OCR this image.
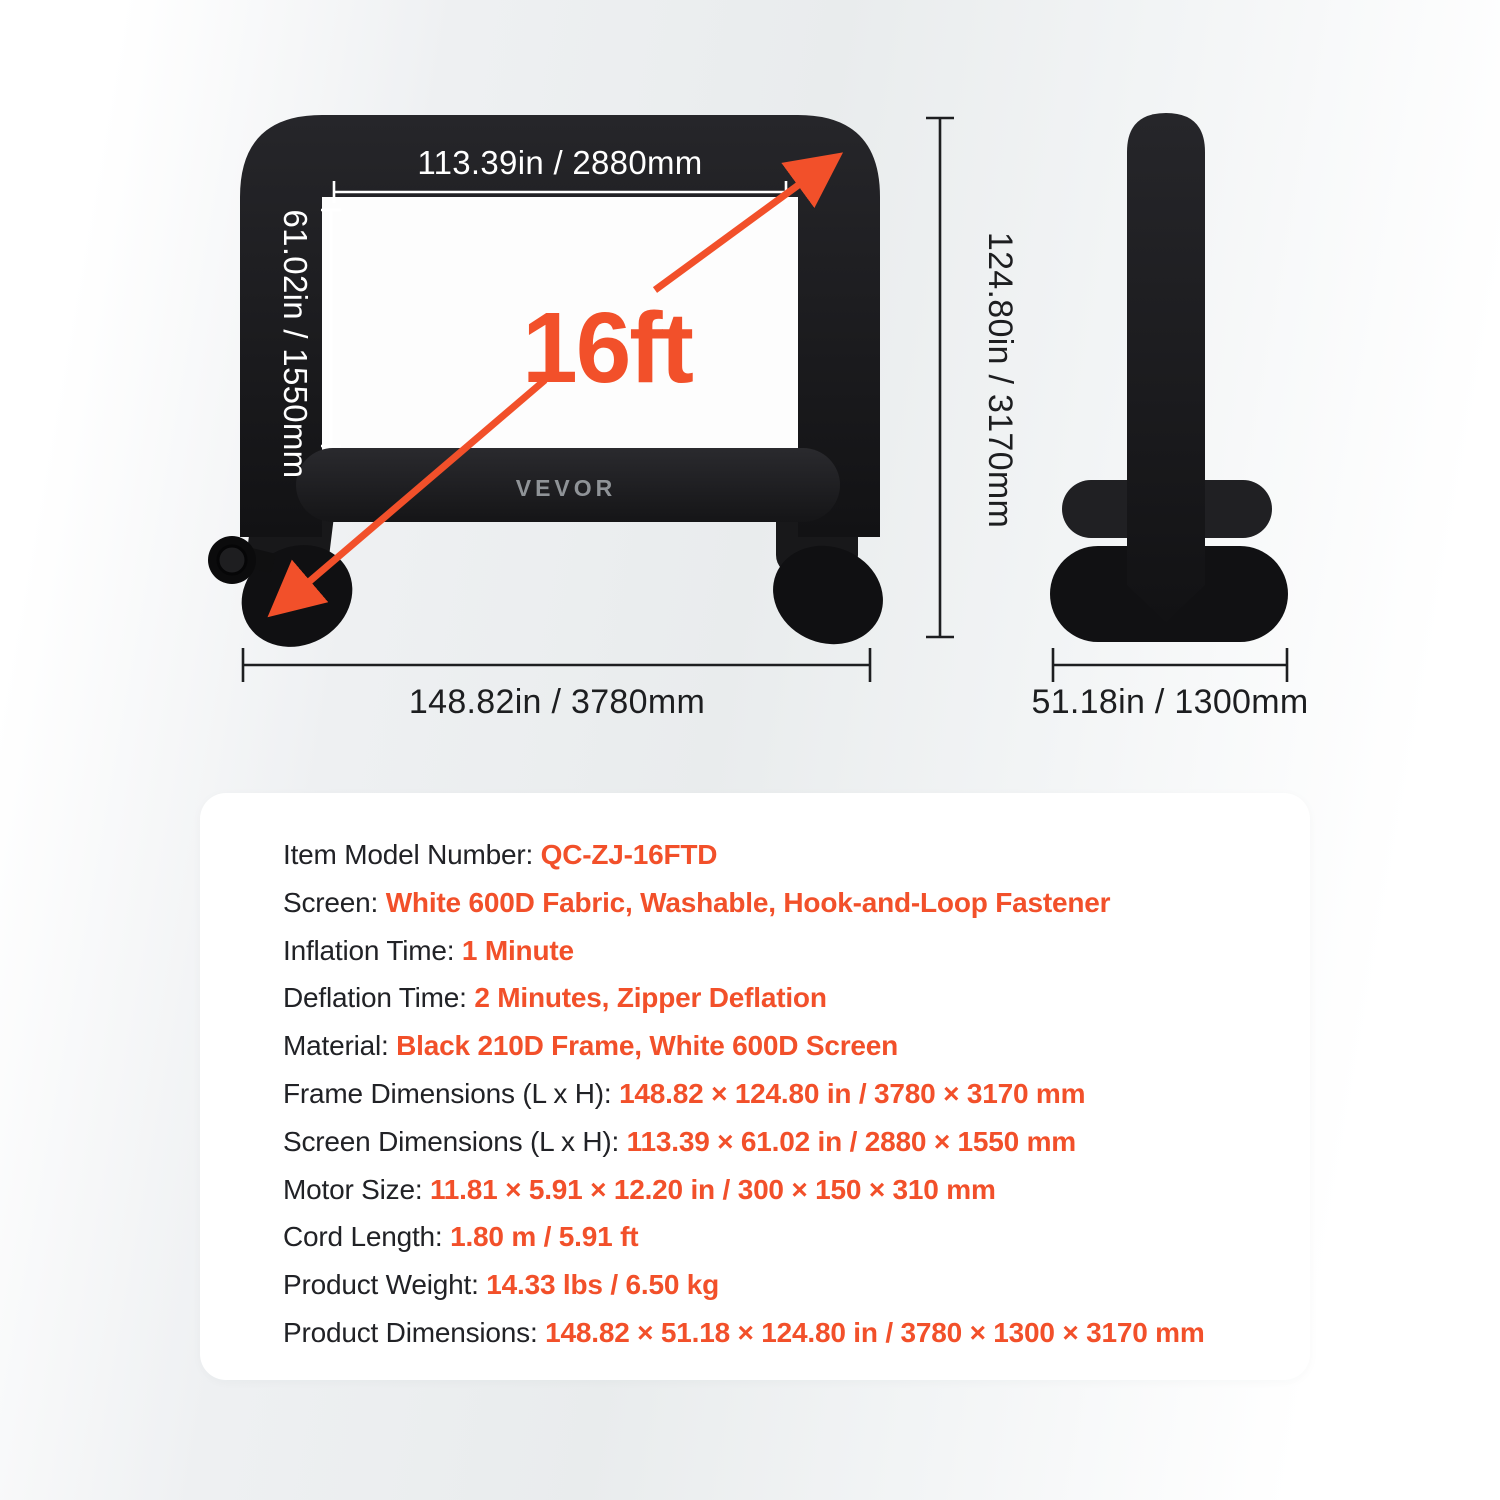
VEVOR
113.39in / 2880mm
61.02in / 1550mm 16ft
148.82in / 3780mm
124.80in / 3170mm
51.18in / 1300mm
Item Model Number: QC-ZJ-16FTD
Screen: White 600D Fabric, Washable, Hook-and-Loop Fastener
Inflation Time: 1 Minute
Deflation Time: 2 Minutes, Zipper Deflation
Material: Black 210D Frame, White 600D Screen
Frame Dimensions (L x H): 148.82 × 124.80 in / 3780 × 3170 mm
Screen Dimensions (L x H): 113.39 × 61.02 in / 2880 × 1550 mm
Motor Size: 11.81 × 5.91 × 12.20 in / 300 × 150 × 310 mm
Cord Length: 1.80 m / 5.91 ft
Product Weight: 14.33 lbs / 6.50 kg
Product Dimensions: 148.82 × 51.18 × 124.80 in / 3780 × 1300 × 3170 mm
